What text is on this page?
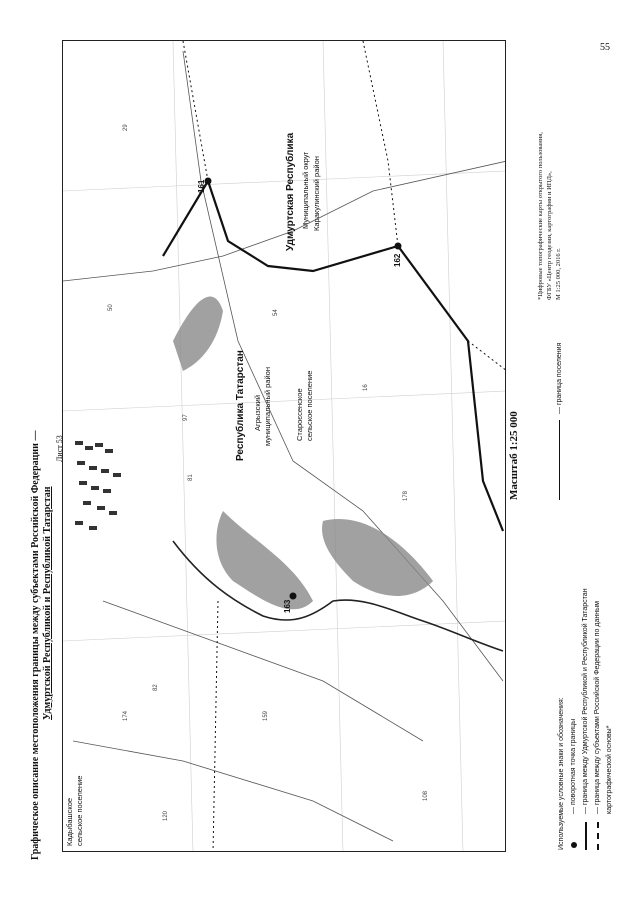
55
Графическое описание местоположения границы между субъектами Российской Федерации — Удмуртской Республикой и Республикой Татарстан
Лист 53
Удмуртская Республика Муниципальный округ Каракулинский район
Республика Татарстан Агрызский муниципальный район	Староєсенское сельское поселение
Кадыбашское сельское поселение
161
162
163
29
50
54
97
174	159
178
120
16
81
82
108
Масштаб 1:25 000
*Цифровые топографические карты открытого пользования, ФГБУ «Центр геодезии, картографии и ИПД», М 1:25 000, 2016 г.
Используемые условные знаки и обозначения: — поворотная точка границы — граница между Удмуртской Республикой и Республикой Татарстан — граница между субъектами Российской Федерации по данным картографической основы*
— граница поселения
